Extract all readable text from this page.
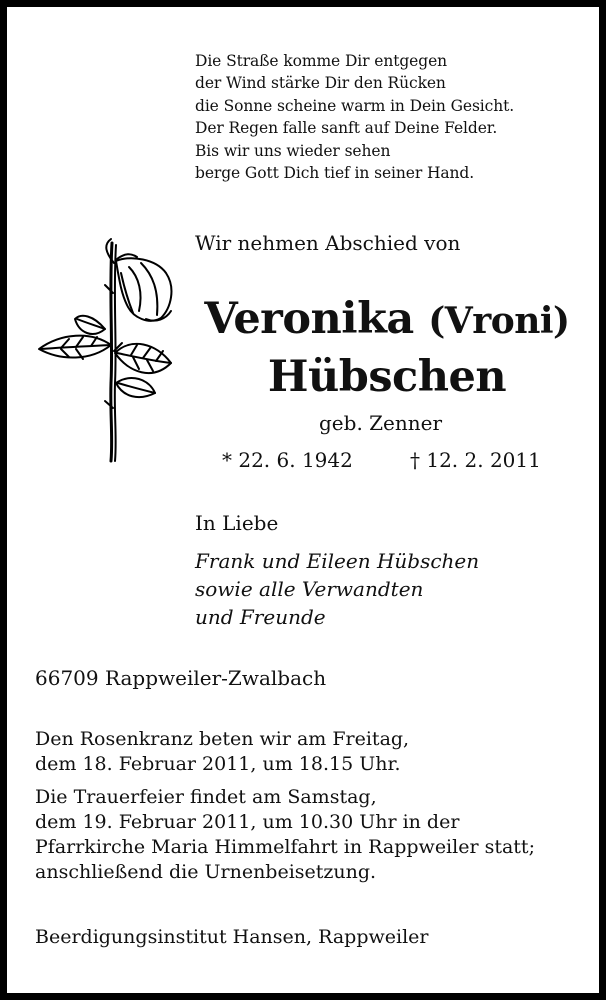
Die Straße komme Dir entgegen
der Wind stärke Dir den Rücken
die Sonne scheine warm in Dein Gesicht.
Der Regen falle sanft auf Deine Felder.
Bis wir uns wieder sehen
berge Gott Dich tief in seiner Hand.
Wir nehmen Abschied von
Veronika (Vroni)
Hübschen
geb. Zenner
* 22. 6. 1942	† 12. 2. 2011
In Liebe
Frank und Eileen Hübschen
sowie alle Verwandten
und Freunde
66709 Rappweiler-Zwalbach
Den Rosenkranz beten wir am Freitag,
dem 18. Februar 2011, um 18.15 Uhr.
Die Trauerfeier findet am Samstag,
dem 19. Februar 2011, um 10.30 Uhr in der
Pfarrkirche Maria Himmelfahrt in Rappweiler statt;
anschließend die Urnenbeisetzung.
Beerdigungsinstitut Hansen, Rappweiler
